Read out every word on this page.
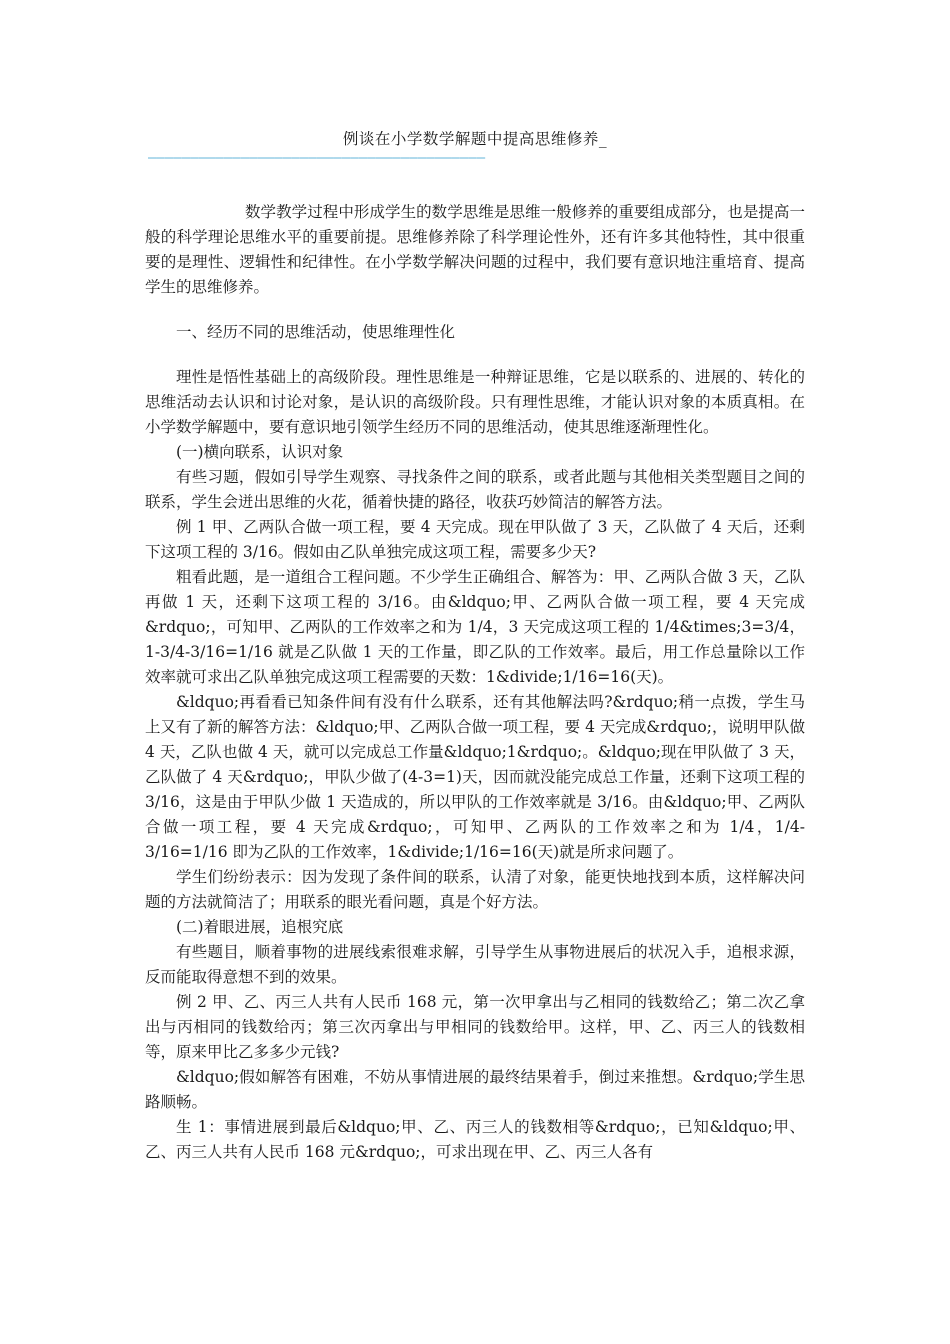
例谈在小学数学解题中提高思维修养_
————————————————————————————————————————

数学教学过程中形成学生的数学思维是思维一般修养的重要组成部分，也是提高一般的科学理论思维水平的重要前提。思维修养除了科学理论性外，还有许多其他特性，其中很重要的是理性、逻辑性和纪律性。在小学数学解决问题的过程中，我们要有意识地注重培育、提高学生的思维修养。

一、经历不同的思维活动，使思维理性化

理性是悟性基础上的高级阶段。理性思维是一种辩证思维，它是以联系的、进展的、转化的思维活动去认识和讨论对象，是认识的高级阶段。只有理性思维，才能认识对象的本质真相。在小学数学解题中，要有意识地引领学生经历不同的思维活动，使其思维逐渐理性化。

(一)横向联系，认识对象

有些习题，假如引导学生观察、寻找条件之间的联系，或者此题与其他相关类型题目之间的联系，学生会迸出思维的火花，循着快捷的路径，收获巧妙简洁的解答方法。

例 1 甲、乙两队合做一项工程，要 4 天完成。现在甲队做了 3 天，乙队做了 4 天后，还剩下这项工程的 3/16。假如由乙队单独完成这项工程，需要多少天?

粗看此题，是一道组合工程问题。不少学生正确组合、解答为：甲、乙两队合做 3 天，乙队再做 1 天，还剩下这项工程的 3/16。由&ldquo;甲、乙两队合做一项工程，要 4 天完成&rdquo;，可知甲、乙两队的工作效率之和为 1/4，3 天完成这项工程的 1/4&times;3=3/4，1-3/4-3/16=1/16 就是乙队做 1 天的工作量，即乙队的工作效率。最后，用工作总量除以工作效率就可求出乙队单独完成这项工程需要的天数：1&divide;1/16=16(天)。

&ldquo;再看看已知条件间有没有什么联系，还有其他解法吗?&rdquo;稍一点拨，学生马上又有了新的解答方法：&ldquo;甲、乙两队合做一项工程，要 4 天完成&rdquo;，说明甲队做 4 天，乙队也做 4 天，就可以完成总工作量&ldquo;1&rdquo;。&ldquo;现在甲队做了 3 天，乙队做了 4 天&rdquo;，甲队少做了(4-3=1)天，因而就没能完成总工作量，还剩下这项工程的 3/16，这是由于甲队少做 1 天造成的，所以甲队的工作效率就是 3/16。由&ldquo;甲、乙两队合做一项工程，要 4 天完成&rdquo;，可知甲、乙两队的工作效率之和为 1/4，1/4-3/16=1/16 即为乙队的工作效率，1&divide;1/16=16(天)就是所求问题了。

学生们纷纷表示：因为发现了条件间的联系，认清了对象，能更快地找到本质，这样解决问题的方法就简洁了；用联系的眼光看问题，真是个好方法。

(二)着眼进展，追根究底

有些题目，顺着事物的进展线索很难求解，引导学生从事物进展后的状况入手，追根求源，反而能取得意想不到的效果。

例 2 甲、乙、丙三人共有人民币 168 元，第一次甲拿出与乙相同的钱数给乙；第二次乙拿出与丙相同的钱数给丙；第三次丙拿出与甲相同的钱数给甲。这样，甲、乙、丙三人的钱数相等，原来甲比乙多多少元钱?

&ldquo;假如解答有困难，不妨从事情进展的最终结果着手，倒过来推想。&rdquo;学生思路顺畅。

生 1：事情进展到最后&ldquo;甲、乙、丙三人的钱数相等&rdquo;，已知&ldquo;甲、乙、丙三人共有人民币 168 元&rdquo;，可求出现在甲、乙、丙三人各有
